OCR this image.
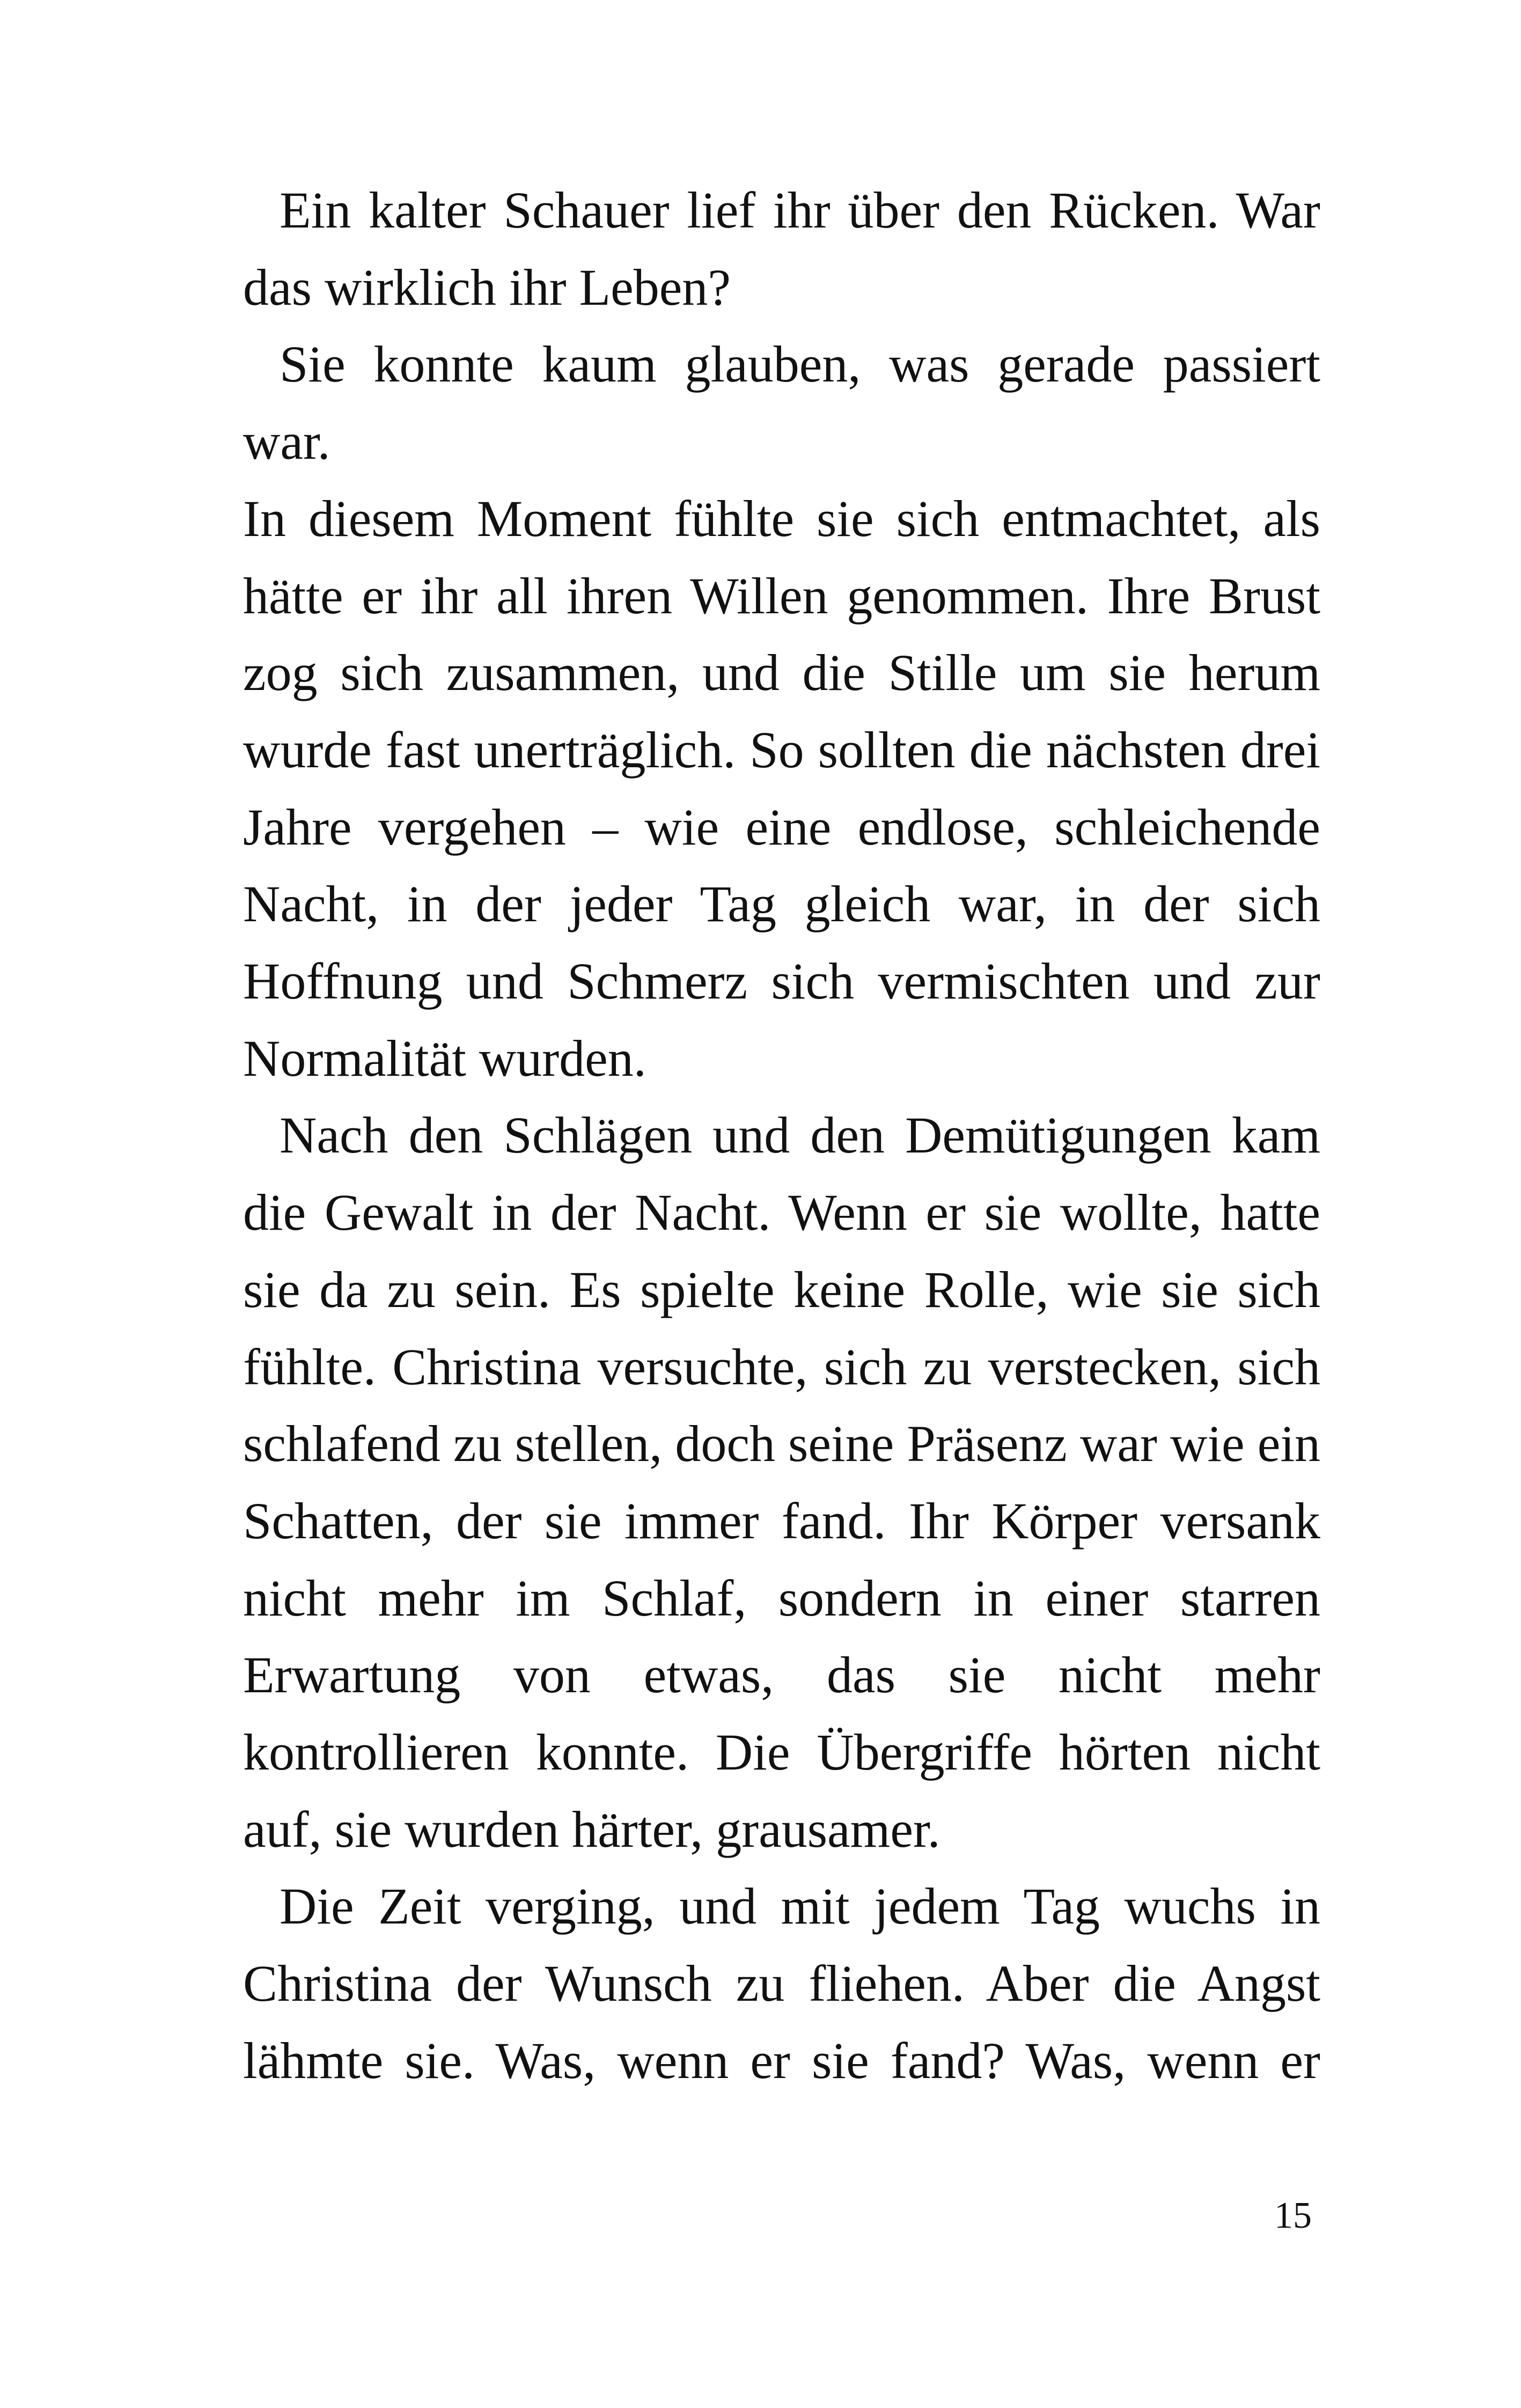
Ein kalter Schauer lief ihr über den Rücken. War das wirklich ihr Leben?

Sie konnte kaum glauben, was gerade passiert war.

In diesem Moment fühlte sie sich entmachtet, als hätte er ihr all ihren Willen genommen. Ihre Brust zog sich zusammen, und die Stille um sie herum wurde fast unerträglich. So sollten die nächsten drei Jahre vergehen – wie eine endlose, schleichende Nacht, in der jeder Tag gleich war, in der sich Hoffnung und Schmerz sich vermischten und zur Normalität wurden.

Nach den Schlägen und den Demütigungen kam die Gewalt in der Nacht. Wenn er sie wollte, hatte sie da zu sein. Es spielte keine Rolle, wie sie sich fühlte. Christina versuchte, sich zu verstecken, sich schlafend zu stellen, doch seine Präsenz war wie ein Schatten, der sie immer fand. Ihr Körper versank nicht mehr im Schlaf, sondern in einer starren Erwartung von etwas, das sie nicht mehr kontrollieren konnte. Die Übergriffe hörten nicht auf, sie wurden härter, grausamer.

Die Zeit verging, und mit jedem Tag wuchs in Christina der Wunsch zu fliehen. Aber die Angst lähmte sie. Was, wenn er sie fand? Was, wenn er

15
